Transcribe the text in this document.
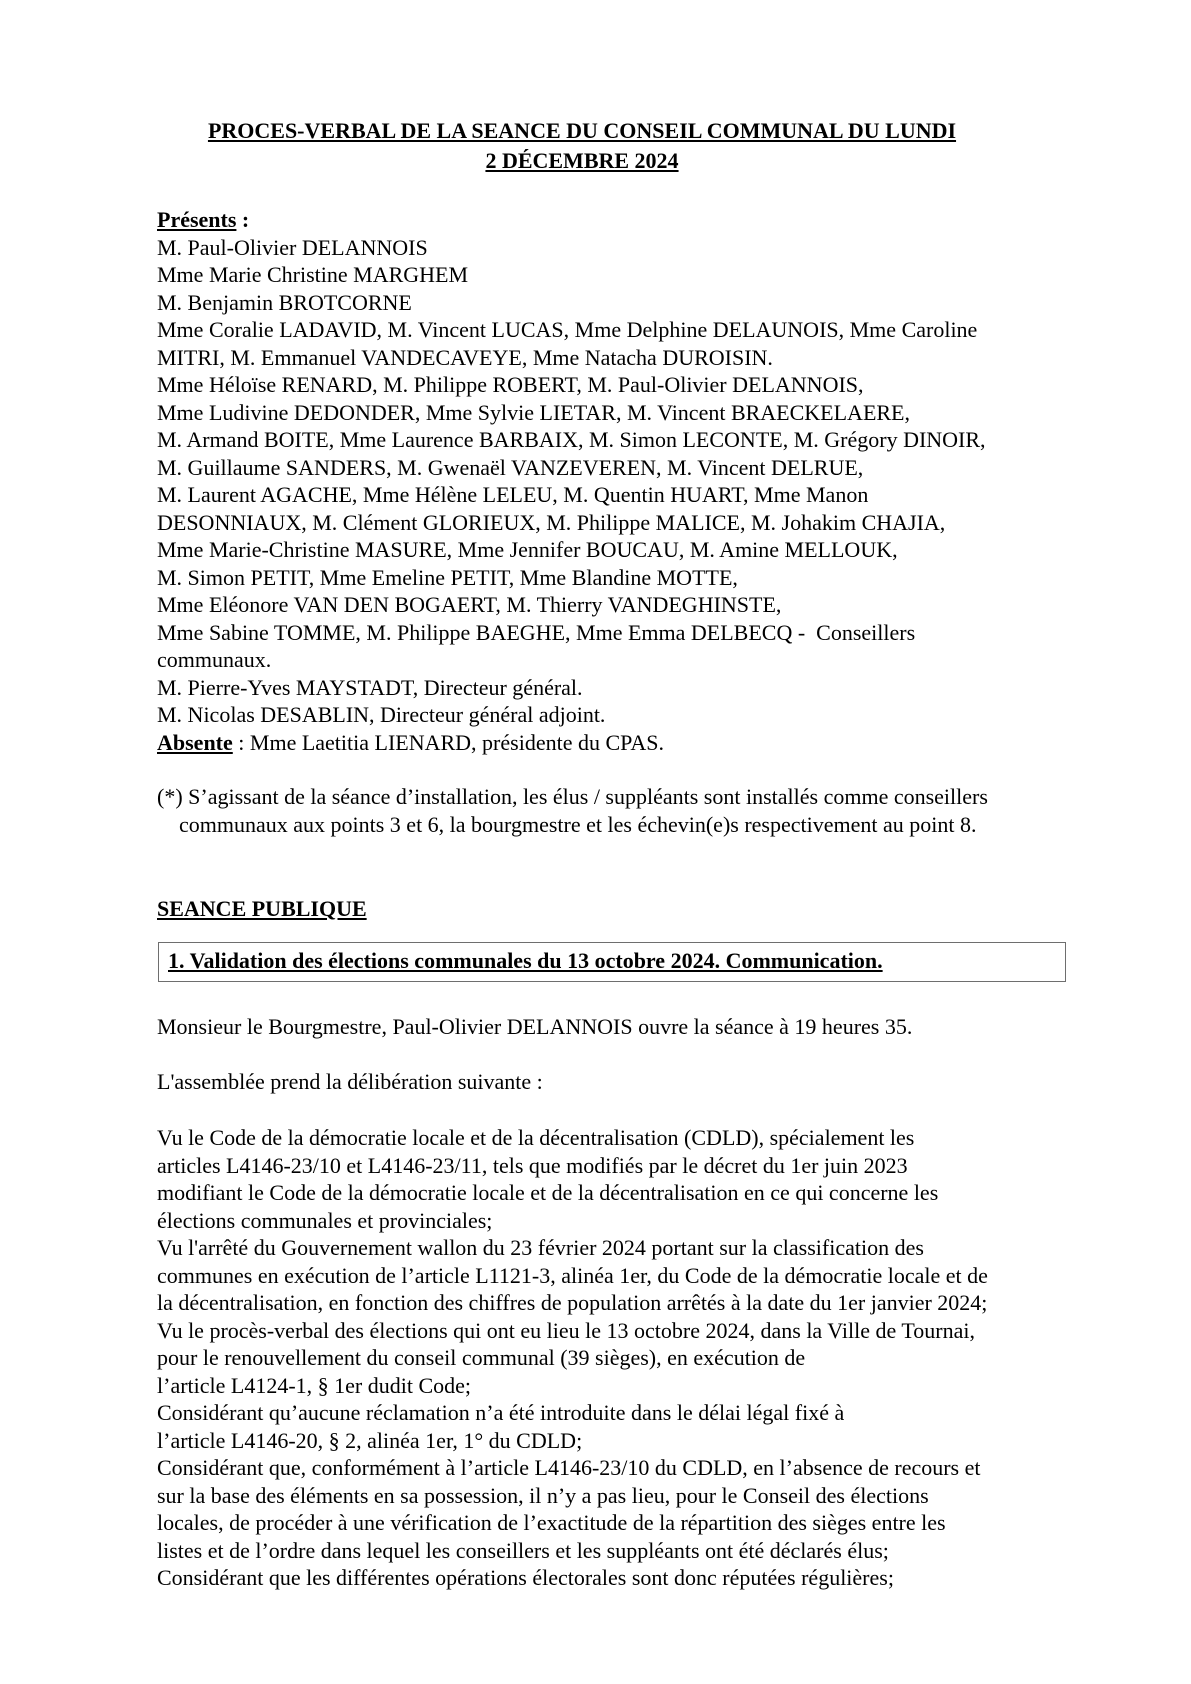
PROCES-VERBAL DE LA SEANCE DU CONSEIL COMMUNAL DU LUNDI
2 DÉCEMBRE 2024
Présents :
M. Paul-Olivier DELANNOIS
Mme Marie Christine MARGHEM
M. Benjamin BROTCORNE
Mme Coralie LADAVID, M. Vincent LUCAS, Mme Delphine DELAUNOIS, Mme Caroline
MITRI, M. Emmanuel VANDECAVEYE, Mme Natacha DUROISIN.
Mme Héloïse RENARD, M. Philippe ROBERT, M. Paul-Olivier DELANNOIS,
Mme Ludivine DEDONDER, Mme Sylvie LIETAR, M. Vincent BRAECKELAERE,
M. Armand BOITE, Mme Laurence BARBAIX, M. Simon LECONTE, M. Grégory DINOIR,
M. Guillaume SANDERS, M. Gwenaël VANZEVEREN, M. Vincent DELRUE,
M. Laurent AGACHE, Mme Hélène LELEU, M. Quentin HUART, Mme Manon
DESONNIAUX, M. Clément GLORIEUX, M. Philippe MALICE, M. Johakim CHAJIA,
Mme Marie-Christine MASURE, Mme Jennifer BOUCAU, M. Amine MELLOUK,
M. Simon PETIT, Mme Emeline PETIT, Mme Blandine MOTTE,
Mme Eléonore VAN DEN BOGAERT, M. Thierry VANDEGHINSTE,
Mme Sabine TOMME, M. Philippe BAEGHE, Mme Emma DELBECQ -  Conseillers
communaux.
M. Pierre-Yves MAYSTADT, Directeur général.
M. Nicolas DESABLIN, Directeur général adjoint.
Absente : Mme Laetitia LIENARD, présidente du CPAS.
(*) S’agissant de la séance d’installation, les élus / suppléants sont installés comme conseillers
communaux aux points 3 et 6, la bourgmestre et les échevin(e)s respectivement au point 8.
SEANCE PUBLIQUE
1. Validation des élections communales du 13 octobre 2024. Communication.
Monsieur le Bourgmestre, Paul-Olivier DELANNOIS ouvre la séance à 19 heures 35.
L'assemblée prend la délibération suivante :
Vu le Code de la démocratie locale et de la décentralisation (CDLD), spécialement les
articles L4146-23/10 et L4146-23/11, tels que modifiés par le décret du 1er juin 2023
modifiant le Code de la démocratie locale et de la décentralisation en ce qui concerne les
élections communales et provinciales;
Vu l'arrêté du Gouvernement wallon du 23 février 2024 portant sur la classification des
communes en exécution de l’article L1121-3, alinéa 1er, du Code de la démocratie locale et de
la décentralisation, en fonction des chiffres de population arrêtés à la date du 1er janvier 2024;
Vu le procès-verbal des élections qui ont eu lieu le 13 octobre 2024, dans la Ville de Tournai,
pour le renouvellement du conseil communal (39 sièges), en exécution de
l’article L4124-1, § 1er dudit Code;
Considérant qu’aucune réclamation n’a été introduite dans le délai légal fixé à
l’article L4146-20, § 2, alinéa 1er, 1° du CDLD;
Considérant que, conformément à l’article L4146-23/10 du CDLD, en l’absence de recours et
sur la base des éléments en sa possession, il n’y a pas lieu, pour le Conseil des élections
locales, de procéder à une vérification de l’exactitude de la répartition des sièges entre les
listes et de l’ordre dans lequel les conseillers et les suppléants ont été déclarés élus;
Considérant que les différentes opérations électorales sont donc réputées régulières;
